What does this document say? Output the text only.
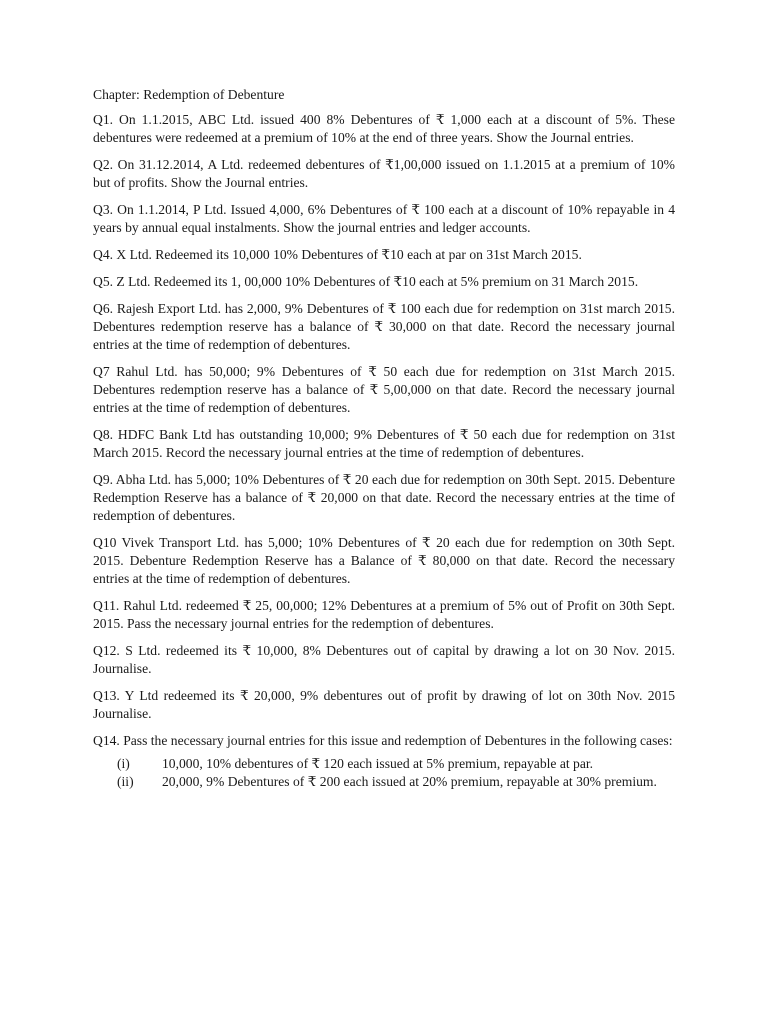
Chapter: Redemption of Debenture

Q1. On 1.1.2015, ABC Ltd. issued 400 8% Debentures of ₹ 1,000 each at a discount of 5%. These debentures were redeemed at a premium of 10% at the end of three years. Show the Journal entries.

Q2. On 31.12.2014, A Ltd. redeemed debentures of ₹1,00,000 issued on 1.1.2015 at a premium of 10% but of profits. Show the Journal entries.

Q3. On 1.1.2014, P Ltd. Issued 4,000, 6% Debentures of ₹ 100 each at a discount of 10% repayable in 4 years by annual equal instalments. Show the journal entries and ledger accounts.

Q4. X Ltd. Redeemed its 10,000 10% Debentures of ₹10 each at par on 31st March 2015.

Q5. Z Ltd. Redeemed its 1, 00,000 10% Debentures of ₹10 each at 5% premium on 31 March 2015.

Q6. Rajesh Export Ltd. has 2,000, 9% Debentures of ₹ 100 each due for redemption on 31st march 2015. Debentures redemption reserve has a balance of ₹ 30,000 on that date. Record the necessary journal entries at the time of redemption of debentures.

Q7 Rahul Ltd. has 50,000; 9% Debentures of ₹ 50 each due for redemption on 31st March 2015. Debentures redemption reserve has a balance of ₹ 5,00,000 on that date. Record the necessary journal entries at the time of redemption of debentures.

Q8. HDFC Bank Ltd has outstanding 10,000; 9% Debentures of ₹ 50 each due for redemption on 31st March 2015. Record the necessary journal entries at the time of redemption of debentures.

Q9. Abha Ltd. has 5,000; 10% Debentures of ₹ 20 each due for redemption on 30th Sept. 2015. Debenture Redemption Reserve has a balance of ₹ 20,000 on that date. Record the necessary entries at the time of redemption of debentures.

Q10 Vivek Transport Ltd. has 5,000; 10% Debentures of ₹ 20 each due for redemption on 30th Sept. 2015. Debenture Redemption Reserve has a Balance of ₹ 80,000 on that date. Record the necessary entries at the time of redemption of debentures.

Q11. Rahul Ltd. redeemed ₹ 25, 00,000; 12% Debentures at a premium of 5% out of Profit on 30th Sept. 2015. Pass the necessary journal entries for the redemption of debentures.

Q12. S Ltd. redeemed its ₹ 10,000, 8% Debentures out of capital by drawing a lot on 30 Nov. 2015. Journalise.

Q13. Y Ltd redeemed its ₹ 20,000, 9% debentures out of profit by drawing of lot on 30th Nov. 2015 Journalise.

Q14. Pass the necessary journal entries for this issue and redemption of Debentures in the following cases:

(i)	10,000, 10% debentures of ₹ 120 each issued at 5% premium, repayable at par.
(ii)	20,000, 9% Debentures of ₹ 200 each issued at 20% premium, repayable at 30% premium.
